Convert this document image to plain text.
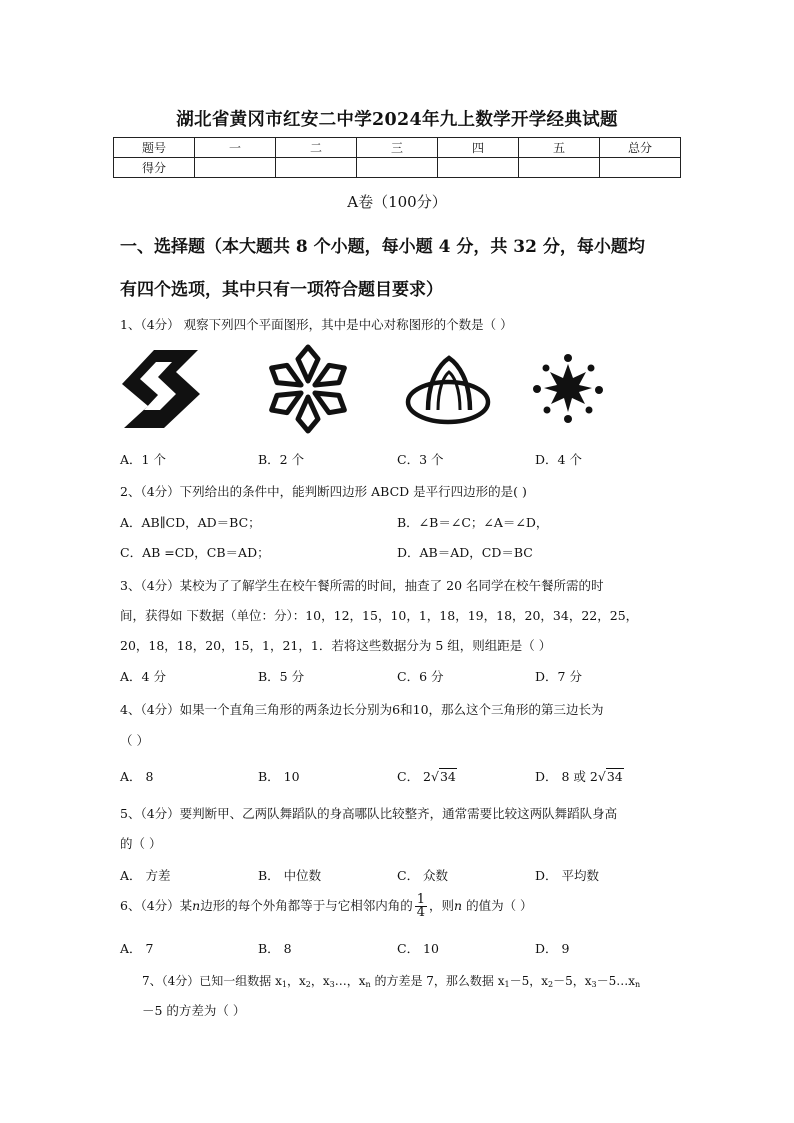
湖北省黄冈市红安二中学2024年九上数学开学经典试题
题号	一	二	三	四	五	总分
得分						
A卷（100分）
一、选择题（本大题共 8 个小题，每小题 4 分，共 32 分，每小题均
有四个选项，其中只有一项符合题目要求）
1、（4分） 观察下列四个平面图形，其中是中心对称图形的个数是（ ）
A．1 个	B．2 个	C．3 个	D．4 个
2、（4分）下列给出的条件中，能判断四边形 ABCD 是平行四边形的是( )
A．AB∥CD，AD＝BC；	B．∠B＝∠C；∠A＝∠D，
C．AB =CD，CB＝AD；	D．AB＝AD，CD＝BC
3、（4分）某校为了了解学生在校午餐所需的时间，抽查了 20 名同学在校午餐所需的时
间，获得如 下数据（单位：分）：10，12，15，10，1，18，19，18，20，34，22，25，
20，18，18，20，15，1，21，1．若将这些数据分为 5 组，则组距是（ ）
A．4 分	B．5 分	C．6 分	D．7 分
4、（4分）如果一个直角三角形的两条边长分别为6和10，那么这个三角形的第三边长为
（ ）
A． 8	B． 10	C． 2√34	D． 8 或 2√34
5、（4分）要判断甲、乙两队舞蹈队的身高哪队比较整齐，通常需要比较这两队舞蹈队身高
的（ ）
A． 方差	B． 中位数	C． 众数	D． 平均数
6、（4分）某n边形的每个外角都等于与它相邻内角的 $\frac{1}{4}$ ，则n 的值为（ ）
A． 7	B． 8	C． 10	D． 9
7、（4分）已知一组数据 $x_1$，$x_2$，$x_3\dots$，$x_n$ 的方差是 7，那么数据 $x_1-5$，$x_2-5$，$x_3-5\dots x_n$
－5 的方差为（ ）
